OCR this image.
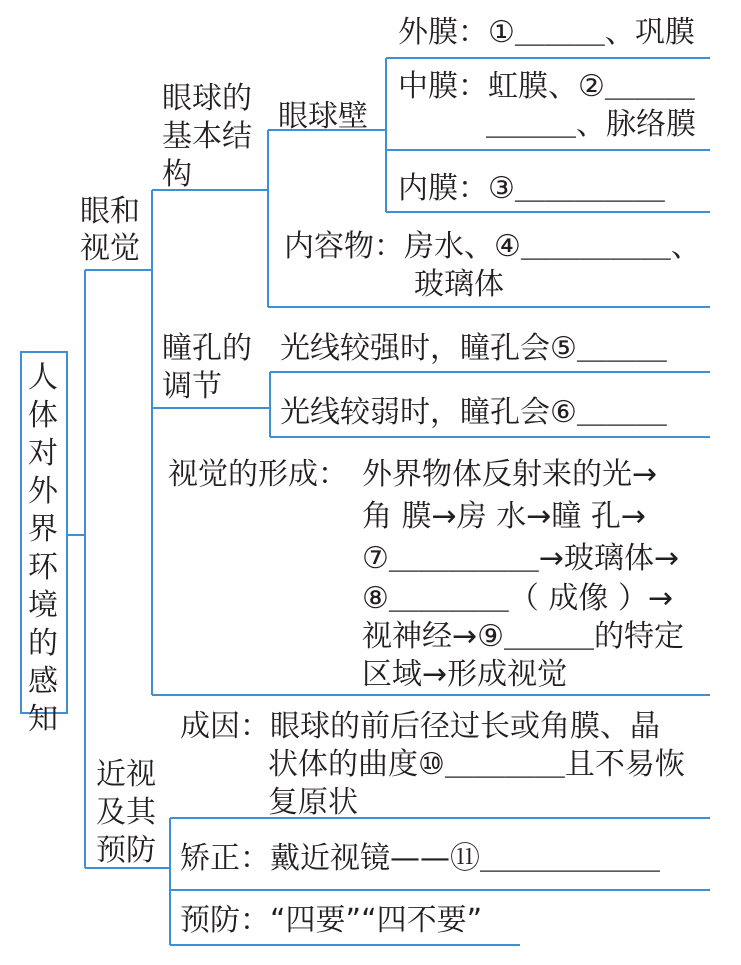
人
体
对
外
界
环
境
的
感
知
眼和
视觉
眼球的
基本结
构
眼球壁
外膜：①＿＿＿、巩膜
中膜：虹膜、②＿＿＿
＿＿＿、脉络膜
内膜：③＿＿＿＿＿
内容物：房水、④＿＿＿＿＿、
玻璃体
瞳孔的
调节
光线较强时，瞳孔会⑤＿＿＿
光线较弱时，瞳孔会⑥＿＿＿
视觉的形成： 外界物体反射来的光→
角 膜→房 水→瞳 孔→
⑦＿＿＿＿＿→玻璃体→
⑧＿＿＿＿（ 成像 ）→
视神经→⑨＿＿＿的特定
区域→形成视觉
近视
及其
预防
成因：眼球的前后径过长或角膜、晶
状体的曲度⑩＿＿＿＿且不易恢
复原状
矫正：戴近视镜——⑪＿＿＿＿＿＿
预防：“四要”“四不要”
